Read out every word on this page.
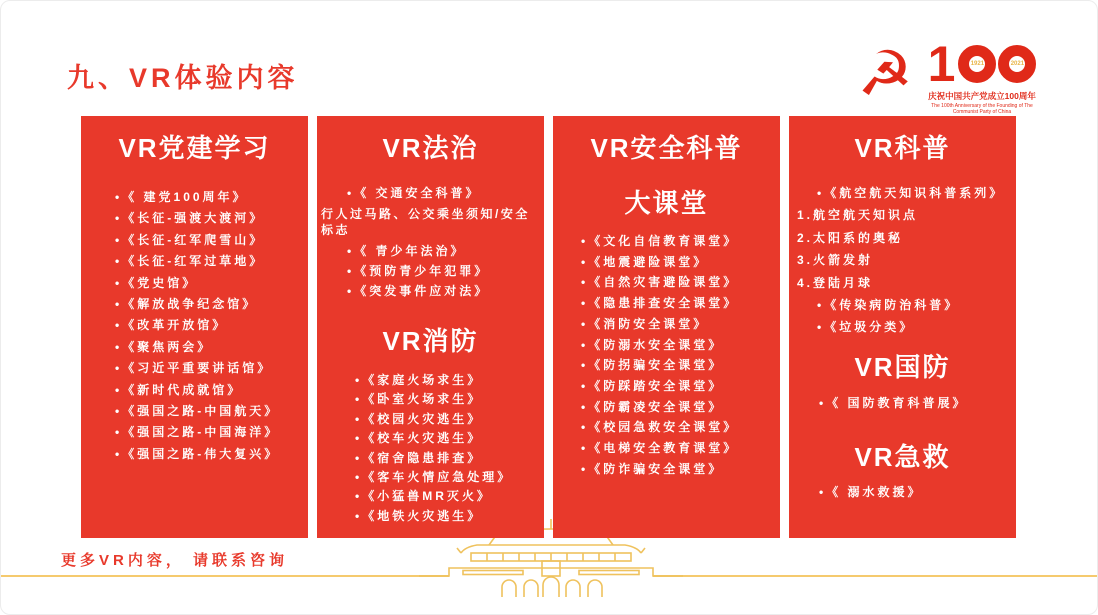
九、VR体验内容	☭ 1	1921	2021
庆祝中国共产党成立100周年
The 100th Anniversary of the Founding of The Communist Party of China
VR党建学习
•《 建党100周年》
•《长征-强渡大渡河》
•《长征-红军爬雪山》
•《长征-红军过草地》
•《党史馆》
•《解放战争纪念馆》
•《改革开放馆》
•《聚焦两会》
•《习近平重要讲话馆》
•《新时代成就馆》
•《强国之路-中国航天》
•《强国之路-中国海洋》
•《强国之路-伟大复兴》
VR法治
•《 交通安全科普》
行人过马路、公交乘坐须知/安全标志
•《 青少年法治》
•《预防青少年犯罪》
•《突发事件应对法》
VR消防
•《家庭火场求生》
•《卧室火场求生》
•《校园火灾逃生》
•《校车火灾逃生》
•《宿舍隐患排查》
•《客车火情应急处理》
•《小猛兽MR灭火》
•《地铁火灾逃生》
VR安全科普
大课堂
•《文化自信教育课堂》
•《地震避险课堂》
•《自然灾害避险课堂》
•《隐患排查安全课堂》
•《消防安全课堂》
•《防溺水安全课堂》
•《防拐骗安全课堂》
•《防踩踏安全课堂》
•《防霸凌安全课堂》
•《校园急救安全课堂》
•《电梯安全教育课堂》
•《防诈骗安全课堂》
VR科普
•《航空航天知识科普系列》
1.航空航天知识点
2.太阳系的奥秘
3.火箭发射
4.登陆月球
•《传染病防治科普》
•《垃圾分类》
VR国防
•《 国防教育科普展》
VR急救
•《 溺水救援》
更多VR内容， 请联系咨询
